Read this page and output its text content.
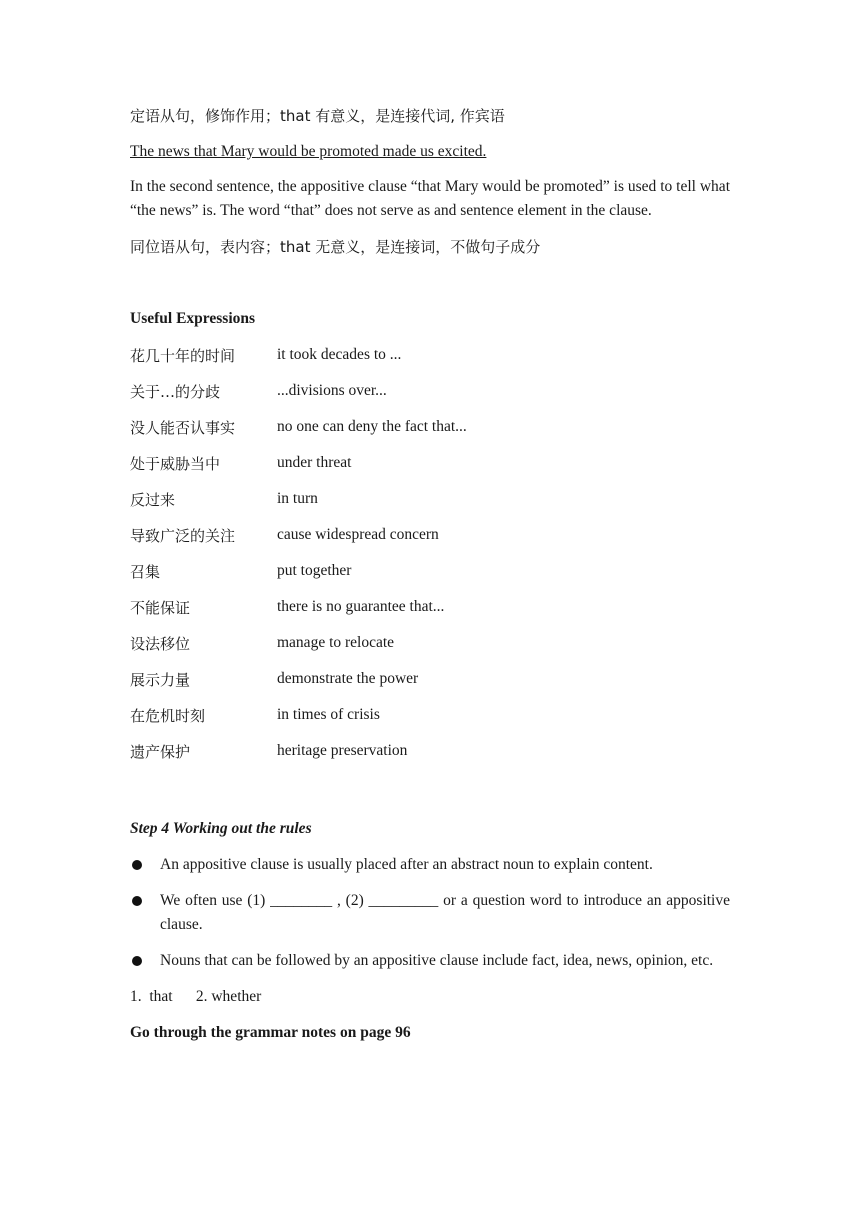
定语从句，修饰作用；that 有意义，是连接代词, 作宾语

The news that Mary would be promoted made us excited.

In the second sentence, the appositive clause “that Mary would be promoted” is used to tell what “the news” is. The word “that” does not serve as and sentence element in the clause.

同位语从句，表内容；that 无意义，是连接词，不做句子成分

Useful Expressions

花几十年的时间	it took decades to ...
关于…的分歧	...divisions over...
没人能否认事实	no one can deny the fact that...
处于威胁当中	under threat
反过来	in turn
导致广泛的关注	cause widespread concern
召集	put together
不能保证	there is no guarantee that...
设法移位	manage to relocate
展示力量	demonstrate the power
在危机时刻	in times of crisis
遗产保护	heritage preservation

Step 4 Working out the rules

An appositive clause is usually placed after an abstract noun to explain content.
We often use (1) ________ , (2) _________ or a question word to introduce an appositive clause.
Nouns that can be followed by an appositive clause include fact, idea, news, opinion, etc.

1.  that      2. whether

Go through the grammar notes on page 96
